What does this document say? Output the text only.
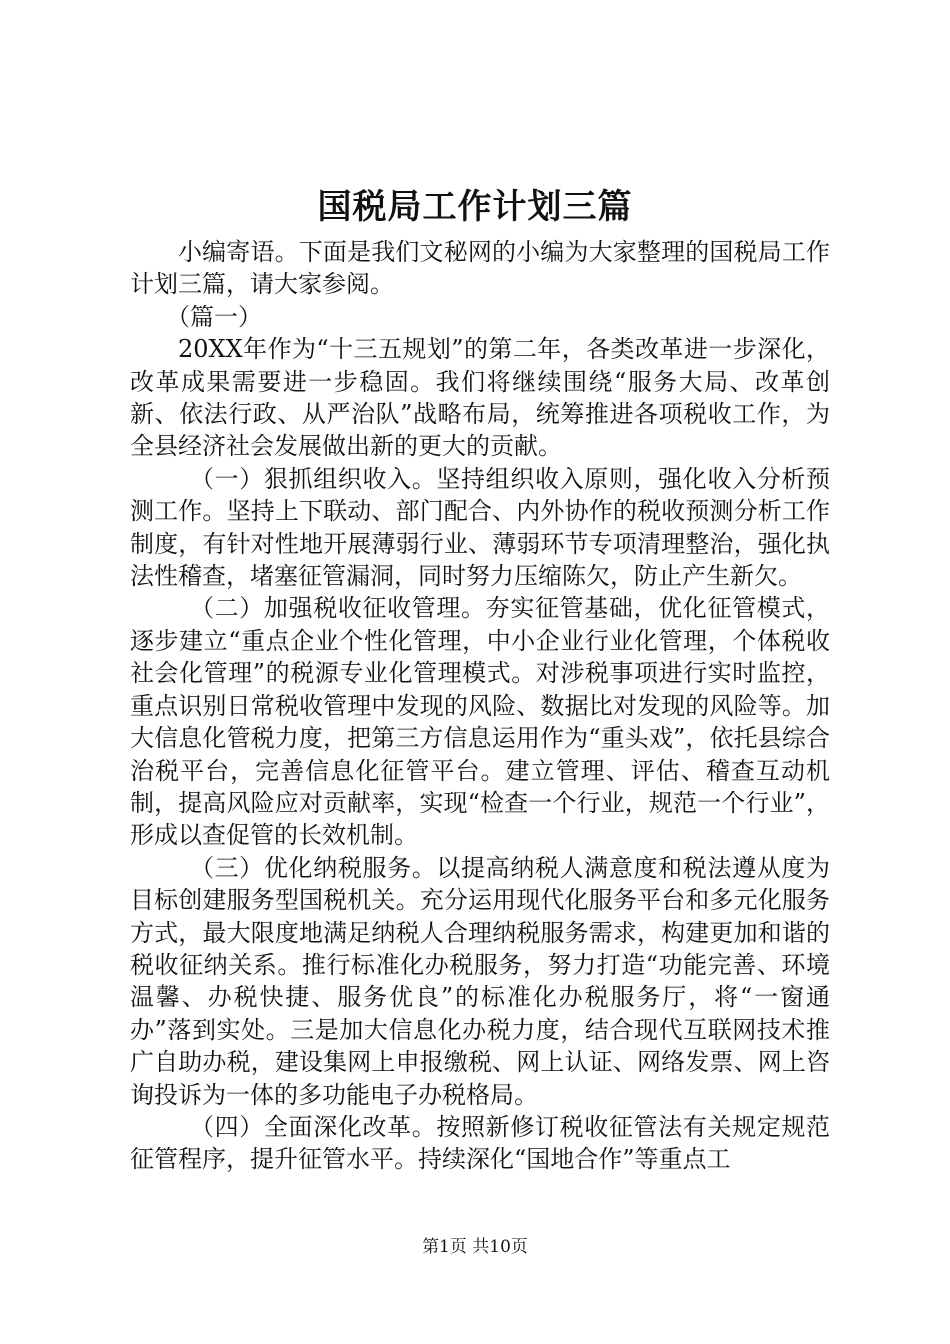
国税局工作计划三篇

小编寄语。下面是我们文秘网的小编为大家整理的国税局工作计划三篇，请大家参阅。

（篇一）

20XX年作为“十三五规划”的第二年，各类改革进一步深化，改革成果需要进一步稳固。我们将继续围绕“服务大局、改革创新、依法行政、从严治队”战略布局，统筹推进各项税收工作，为全县经济社会发展做出新的更大的贡献。

（一）狠抓组织收入。坚持组织收入原则，强化收入分析预测工作。坚持上下联动、部门配合、内外协作的税收预测分析工作制度，有针对性地开展薄弱行业、薄弱环节专项清理整治，强化执法性稽查，堵塞征管漏洞，同时努力压缩陈欠，防止产生新欠。

（二）加强税收征收管理。夯实征管基础，优化征管模式，逐步建立“重点企业个性化管理，中小企业行业化管理，个体税收社会化管理”的税源专业化管理模式。对涉税事项进行实时监控，重点识别日常税收管理中发现的风险、数据比对发现的风险等。加大信息化管税力度，把第三方信息运用作为“重头戏”，依托县综合治税平台，完善信息化征管平台。建立管理、评估、稽查互动机制，提高风险应对贡献率，实现“检查一个行业，规范一个行业”，形成以查促管的长效机制。

（三）优化纳税服务。以提高纳税人满意度和税法遵从度为目标创建服务型国税机关。充分运用现代化服务平台和多元化服务方式，最大限度地满足纳税人合理纳税服务需求，构建更加和谐的税收征纳关系。推行标准化办税服务，努力打造“功能完善、环境温馨、办税快捷、服务优良”的标准化办税服务厅，将“一窗通办”落到实处。三是加大信息化办税力度，结合现代互联网技术推广自助办税，建设集网上申报缴税、网上认证、网络发票、网上咨询投诉为一体的多功能电子办税格局。

（四）全面深化改革。按照新修订税收征管法有关规定规范征管程序，提升征管水平。持续深化“国地合作”等重点工

第1页 共10页
